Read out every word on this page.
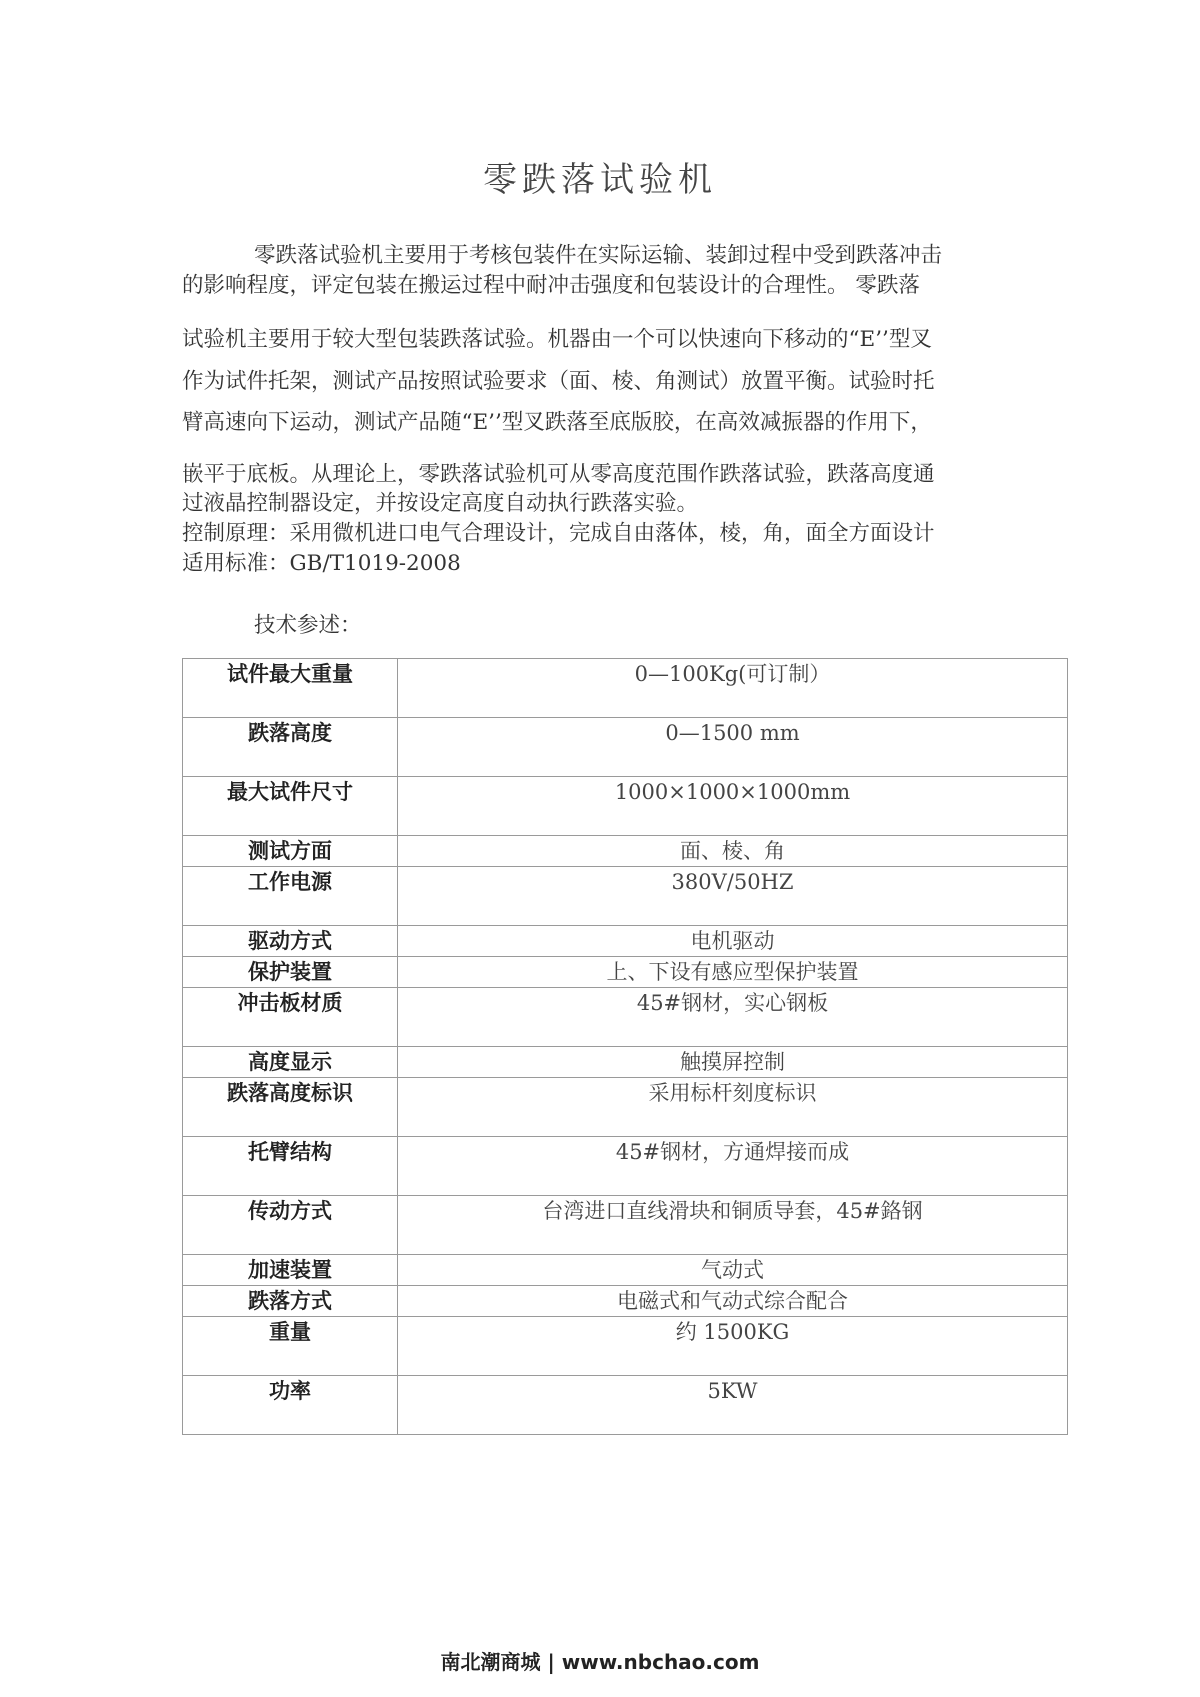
零跌落试验机
零跌落试验机主要用于考核包装件在实际运输、装卸过程中受到跌落冲击
的影响程度，评定包装在搬运过程中耐冲击强度和包装设计的合理性。 零跌落
试验机主要用于较大型包装跌落试验。机器由一个可以快速向下移动的“E’’型叉
作为试件托架，测试产品按照试验要求（面、棱、角测试）放置平衡。试验时托
臂高速向下运动，测试产品随“E’’型叉跌落至底版胶，在高效减振器的作用下，
嵌平于底板。从理论上，零跌落试验机可从零高度范围作跌落试验，跌落高度通
过液晶控制器设定，并按设定高度自动执行跌落实验。
控制原理：采用微机进口电气合理设计，完成自由落体，棱，角，面全方面设计
适用标准：GB/T1019-2008
技术参述：
试件最大重量	0—100Kg(可订制）
跌落高度	0—1500 mm
最大试件尺寸	1000×1000×1000mm
测试方面	面、棱、角
工作电源	380V/50HZ
驱动方式	电机驱动
保护装置	上、下设有感应型保护装置
冲击板材质	45#钢材，实心钢板
高度显示	触摸屏控制
跌落高度标识	采用标杆刻度标识
托臂结构	45#钢材，方通焊接而成
传动方式	台湾进口直线滑块和铜质导套，45#鉻钢
加速装置	气动式
跌落方式	电磁式和气动式综合配合
重量	约 1500KG
功率	5KW
南北潮商城 | www.nbchao.com
